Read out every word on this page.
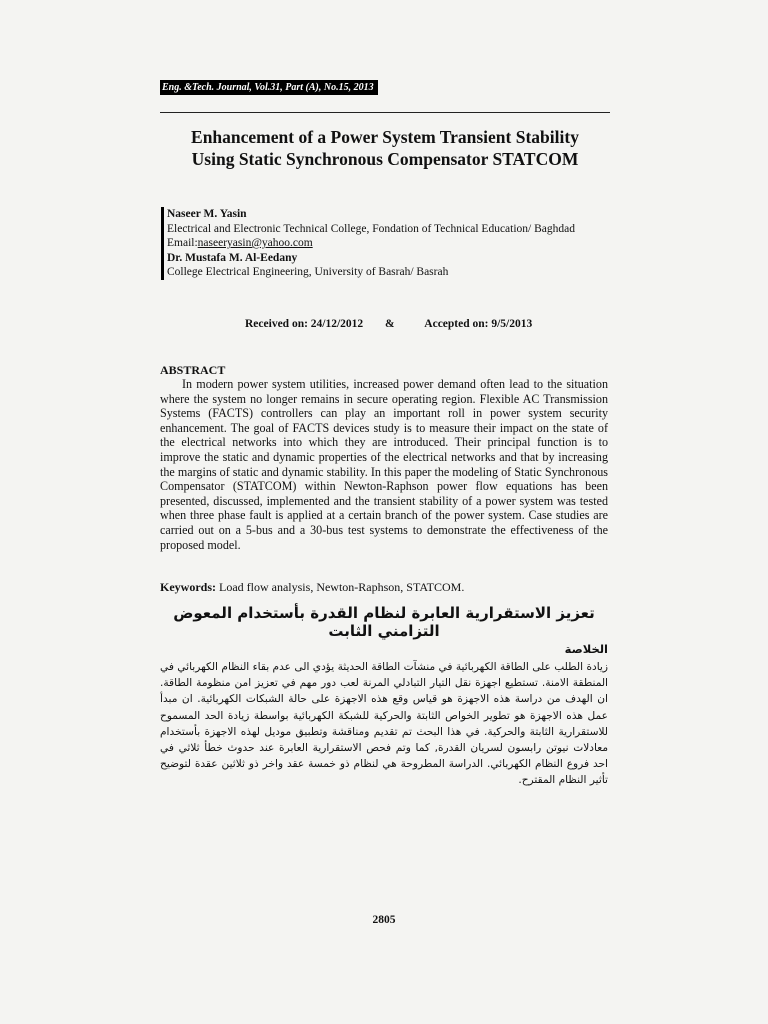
Eng. &Tech. Journal, Vol.31, Part (A), No.15, 2013
Enhancement of a Power System Transient Stability
Using Static Synchronous Compensator STATCOM
Naseer M. Yasin
Electrical and Electronic Technical College, Fondation of Technical Education/ Baghdad
Email:naseeryasin@yahoo.com
Dr. Mustafa M. Al-Eedany
College Electrical Engineering, University of Basrah/ Basrah
Received on: 24/12/2012 &	Accepted on: 9/5/2013
ABSTRACT
In modern power system utilities, increased power demand often lead to the situation where the system no longer remains in secure operating region. Flexible AC Transmission Systems (FACTS) controllers can play an important roll in power system security enhancement. The goal of FACTS devices study is to measure their impact on the state of the electrical networks into which they are introduced. Their principal function is to improve the static and dynamic properties of the electrical networks and that by increasing the margins of static and dynamic stability. In this paper the modeling of Static Synchronous Compensator (STATCOM) within Newton-Raphson power flow equations has been presented, discussed, implemented and the transient stability of a power system was tested when three phase fault is applied at a certain branch of the power system. Case studies are carried out on a 5-bus and a 30-bus test systems to demonstrate the effectiveness of the proposed model.
Keywords: Load flow analysis, Newton-Raphson, STATCOM.
تعزيز الاستقرارية العابرة لنظام القدرة بأستخدام المعوض التزامني الثابت
الخلاصة
زيادة الطلب على الطاقة الكهربائية في منشآت الطاقة الحديثة يؤدي الى عدم بقاء النظام الكهربائي في المنطقة الامنة. تستطيع اجهزة نقل التيار التبادلي المرنة لعب دور مهم في تعزيز امن منظومة الطاقة. ان الهدف من دراسة هذه الاجهزة هو قياس وقع هذه الاجهزة على حالة الشبكات الكهربائية. ان مبدأ عمل هذه الاجهزة هو تطوير الخواص الثابتة والحركية للشبكة الكهربائية بواسطة زيادة الحد المسموح للاستقرارية الثابتة والحركية. في هذا البحث تم تقديم ومناقشة وتطبيق موديل لهذه الاجهزة بأستخدام معادلات نيوتن رابسون لسريان القدرة, كما وتم فحص الاستقرارية العابرة عند حدوث خطأ ثلاثي في احد فروع النظام الكهربائي. الدراسة المطروحة هي لنظام ذو خمسة عقد واخر ذو ثلاثين عقدة لتوضيح تأثير النظام المقترح.
2805
